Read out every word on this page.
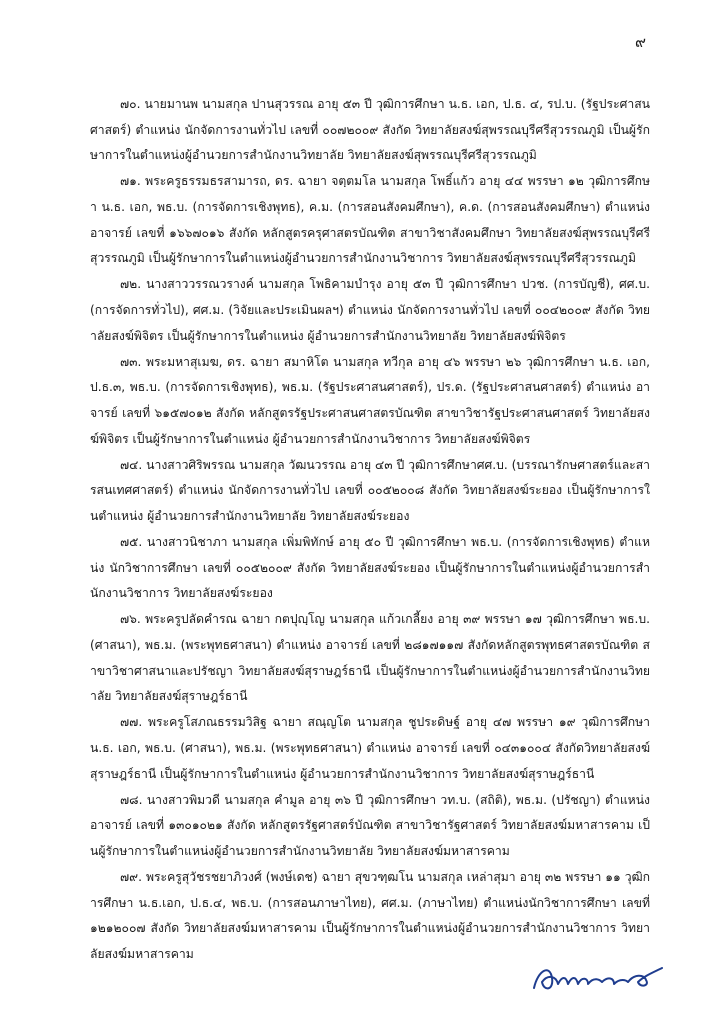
๙

๗๐. นายมานพ นามสกุล ปานสุวรรณ อายุ ๕๓ ปี วุฒิการศึกษา น.ธ. เอก, ป.ธ. ๔, รป.บ. (รัฐประศาสนศาสตร์) ตำแหน่ง นักจัดการงานทั่วไป เลขที่ ๐๐๗๒๐๐๙ สังกัด วิทยาลัยสงฆ์สุพรรณบุรีศรีสุวรรณภูมิ เป็นผู้รักษาการในตำแหน่งผู้อำนวยการสำนักงานวิทยาลัย วิทยาลัยสงฆ์สุพรรณบุรีศรีสุวรรณภูมิ

๗๑. พระครูธรรมธรสามารถ, ดร. ฉายา จตฺตมโล นามสกุล โพธิ์แก้ว อายุ ๔๔ พรรษา ๑๒ วุฒิการศึกษา น.ธ. เอก, พธ.บ. (การจัดการเชิงพุทธ), ค.ม. (การสอนสังคมศึกษา), ค.ด. (การสอนสังคมศึกษา) ตำแหน่ง อาจารย์ เลขที่ ๑๖๖๗๐๑๖ สังกัด หลักสูตรครุศาสตรบัณฑิต สาขาวิชาสังคมศึกษา วิทยาลัยสงฆ์สุพรรณบุรีศรีสุวรรณภูมิ เป็นผู้รักษาการในตำแหน่งผู้อำนวยการสำนักงานวิชาการ วิทยาลัยสงฆ์สุพรรณบุรีศรีสุวรรณภูมิ

๗๒. นางสาววรรณวรางค์ นามสกุล โพธิคามบำรุง อายุ ๕๓ ปี วุฒิการศึกษา ปวช. (การบัญชี), ศศ.บ. (การจัดการทั่วไป), ศศ.ม. (วิจัยและประเมินผลฯ) ตำแหน่ง นักจัดการงานทั่วไป เลขที่ ๐๐๔๒๐๐๙ สังกัด วิทยาลัยสงฆ์พิจิตร เป็นผู้รักษาการในตำแหน่ง ผู้อำนวยการสำนักงานวิทยาลัย วิทยาลัยสงฆ์พิจิตร

๗๓. พระมหาสุเมฆ, ดร. ฉายา สมาหิโต นามสกุล ทวีกุล อายุ ๔๖ พรรษา ๒๖ วุฒิการศึกษา น.ธ. เอก, ป.ธ.๓, พธ.บ. (การจัดการเชิงพุทธ), พธ.ม. (รัฐประศาสนศาสตร์), ปร.ด. (รัฐประศาสนศาสตร์) ตำแหน่ง อาจารย์ เลขที่ ๖๑๕๗๐๑๒ สังกัด หลักสูตรรัฐประศาสนศาสตรบัณฑิต สาขาวิชารัฐประศาสนศาสตร์ วิทยาลัยสงฆ์พิจิตร เป็นผู้รักษาการในตำแหน่ง ผู้อำนวยการสำนักงานวิชาการ วิทยาลัยสงฆ์พิจิตร

๗๔. นางสาวศิริพรรณ นามสกุล วัฒนวรรณ อายุ ๔๓ ปี วุฒิการศึกษาศศ.บ. (บรรณารักษศาสตร์และสารสนเทศศาสตร์) ตำแหน่ง นักจัดการงานทั่วไป เลขที่ ๐๐๕๒๐๐๘ สังกัด วิทยาลัยสงฆ์ระยอง เป็นผู้รักษาการในตำแหน่ง ผู้อำนวยการสำนักงานวิทยาลัย วิทยาลัยสงฆ์ระยอง

๗๕. นางสาวนิชาภา นามสกุล เพิ่มพิทักษ์ อายุ ๕๐ ปี วุฒิการศึกษา พธ.บ. (การจัดการเชิงพุทธ) ตำแหน่ง นักวิชาการศึกษา เลขที่ ๐๐๕๒๐๐๙ สังกัด วิทยาลัยสงฆ์ระยอง เป็นผู้รักษาการในตำแหน่งผู้อำนวยการสำนักงานวิชาการ วิทยาลัยสงฆ์ระยอง

๗๖. พระครูปลัดคำรณ ฉายา กตปุญฺโญ นามสกุล แก้วเกลี้ยง อายุ ๓๙ พรรษา ๑๗ วุฒิการศึกษา พธ.บ. (ศาสนา), พธ.ม. (พระพุทธศาสนา) ตำแหน่ง อาจารย์ เลขที่ ๒๘๑๗๑๑๗ สังกัดหลักสูตรพุทธศาสตรบัณฑิต สาขาวิชาศาสนาและปรัชญา วิทยาลัยสงฆ์สุราษฎร์ธานี เป็นผู้รักษาการในตำแหน่งผู้อำนวยการสำนักงานวิทยาลัย วิทยาลัยสงฆ์สุราษฎร์ธานี

๗๗. พระครูโสภณธรรมวิสิฐ ฉายา สณฺญโต นามสกุล ชูประดิษฐ์ อายุ ๔๗ พรรษา ๑๙ วุฒิการศึกษา น.ธ. เอก, พธ.บ. (ศาสนา), พธ.ม. (พระพุทธศาสนา) ตำแหน่ง อาจารย์ เลขที่ ๐๔๓๑๐๐๔ สังกัดวิทยาลัยสงฆ์สุราษฎร์ธานี เป็นผู้รักษาการในตำแหน่ง ผู้อำนวยการสำนักงานวิชาการ วิทยาลัยสงฆ์สุราษฎร์ธานี

๗๘. นางสาวพิมวดี นามสกุล คำมูล อายุ ๓๖ ปี วุฒิการศึกษา วท.บ. (สถิติ), พธ.ม. (ปรัชญา) ตำแหน่ง อาจารย์ เลขที่ ๑๓๐๑๐๒๑ สังกัด หลักสูตรรัฐศาสตร์บัณฑิต สาขาวิชารัฐศาสตร์ วิทยาลัยสงฆ์มหาสารคาม เป็นผู้รักษาการในตำแหน่งผู้อำนวยการสำนักงานวิทยาลัย วิทยาลัยสงฆ์มหาสารคาม

๗๙. พระครูสุวัชรชยาภิวงศ์ (พงษ์เดช) ฉายา สุขวฑฺฒโน นามสกุล เหล่าสุมา อายุ ๓๒ พรรษา ๑๑ วุฒิการศึกษา น.ธ.เอก, ป.ธ.๔, พธ.บ. (การสอนภาษาไทย), ศศ.ม. (ภาษาไทย) ตำแหน่งนักวิชาการศึกษา เลขที่ ๑๒๑๒๐๐๗ สังกัด วิทยาลัยสงฆ์มหาสารคาม เป็นผู้รักษาการในตำแหน่งผู้อำนวยการสำนักงานวิชาการ วิทยาลัยสงฆ์มหาสารคาม
